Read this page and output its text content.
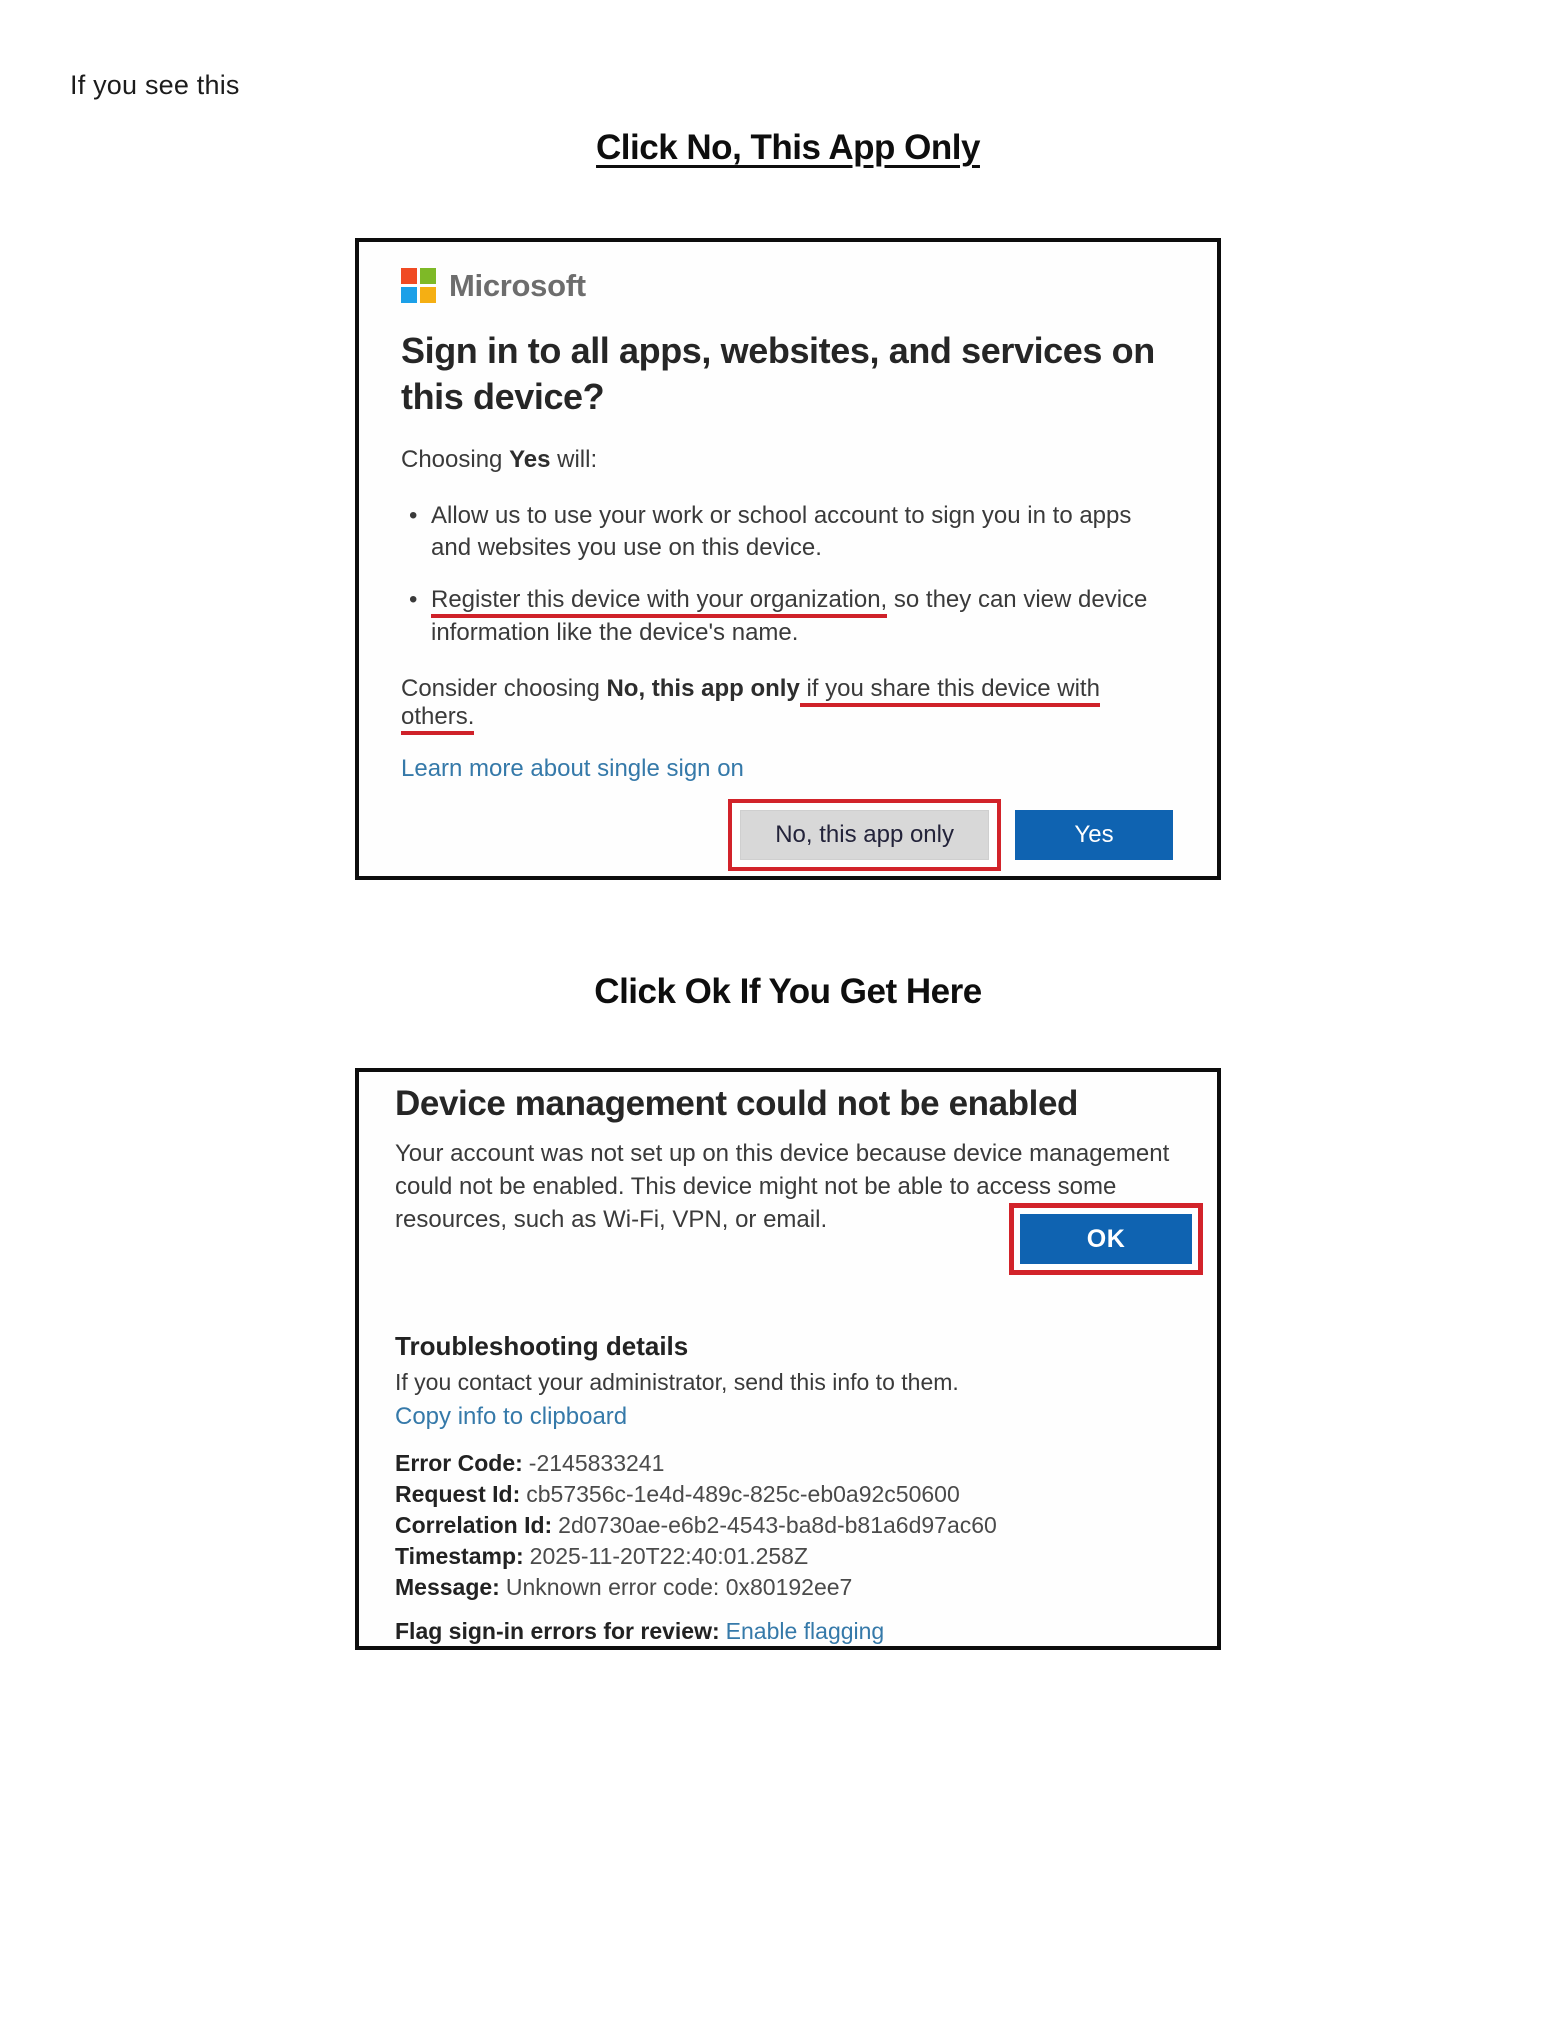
If you see this
Click No, This App Only
Microsoft
Sign in to all apps, websites, and services on this device?
Choosing Yes will:
• Allow us to use your work or school account to sign you in to apps and websites you use on this device.
• Register this device with your organization, so they can view device information like the device's name.
Consider choosing No, this app only if you share this device with others.
Learn more about single sign on
No, this app only	Yes
Click Ok If You Get Here
Device management could not be enabled
Your account was not set up on this device because device management could not be enabled. This device might not be able to access some resources, such as Wi-Fi, VPN, or email.
OK
Troubleshooting details
If you contact your administrator, send this info to them.
Copy info to clipboard
Error Code: -2145833241
Request Id: cb57356c-1e4d-489c-825c-eb0a92c50600
Correlation Id: 2d0730ae-e6b2-4543-ba8d-b81a6d97ac60
Timestamp: 2025-11-20T22:40:01.258Z
Message: Unknown error code: 0x80192ee7
Flag sign-in errors for review: Enable flagging
